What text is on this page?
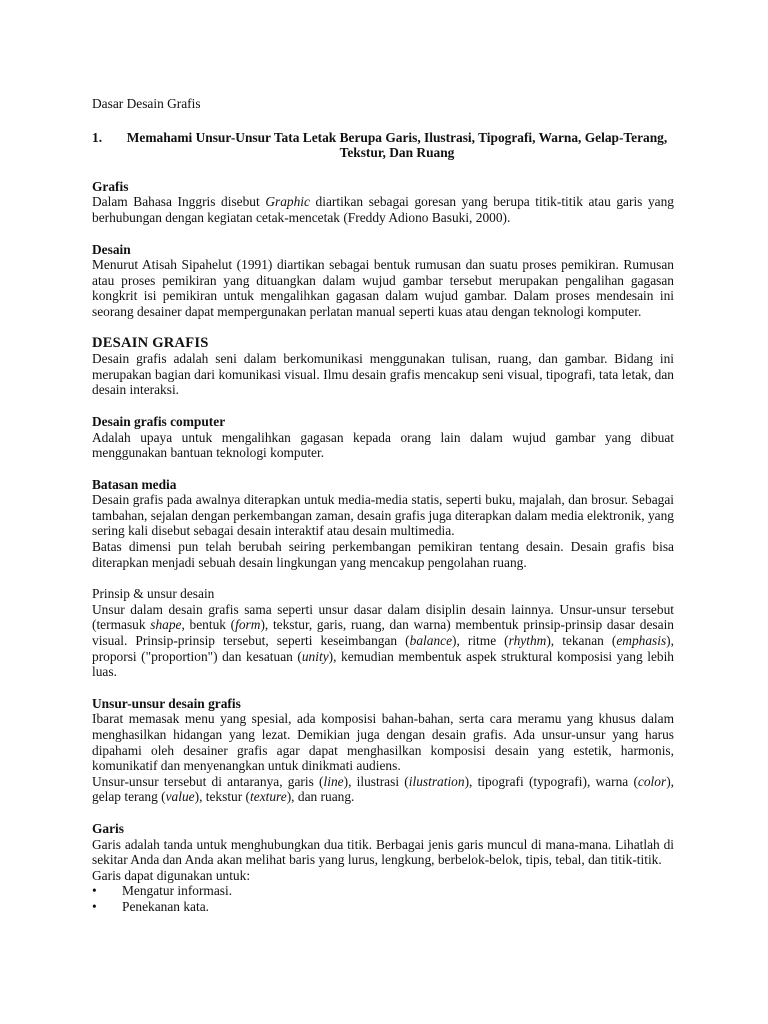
Dasar Desain Grafis

1.	Memahami Unsur-Unsur Tata Letak Berupa Garis, Ilustrasi, Tipografi, Warna, Gelap-Terang, Tekstur, Dan Ruang
Grafis

Dalam Bahasa Inggris disebut Graphic diartikan sebagai goresan yang berupa titik-titik atau garis yang berhubungan dengan kegiatan cetak-mencetak (Freddy Adiono Basuki, 2000).

Desain

Menurut Atisah Sipahelut (1991) diartikan sebagai bentuk rumusan dan suatu proses pemikiran. Rumusan atau proses pemikiran yang dituangkan dalam wujud gambar tersebut merupakan pengalihan gagasan kongkrit isi pemikiran untuk mengalihkan gagasan dalam wujud gambar. Dalam proses mendesain ini seorang desainer dapat mempergunakan perlatan manual seperti kuas atau dengan teknologi komputer.

DESAIN GRAFIS

Desain grafis adalah seni dalam berkomunikasi menggunakan tulisan, ruang, dan gambar. Bidang ini merupakan bagian dari komunikasi visual. Ilmu desain grafis mencakup seni visual, tipografi, tata letak, dan desain interaksi.

Desain grafis computer

Adalah upaya untuk mengalihkan gagasan kepada orang lain dalam wujud gambar yang dibuat menggunakan bantuan teknologi komputer.

Batasan media

Desain grafis pada awalnya diterapkan untuk media-media statis, seperti buku, majalah, dan brosur. Sebagai tambahan, sejalan dengan perkembangan zaman, desain grafis juga diterapkan dalam media elektronik, yang sering kali disebut sebagai desain interaktif atau desain multimedia.

Batas dimensi pun telah berubah seiring perkembangan pemikiran tentang desain. Desain grafis bisa diterapkan menjadi sebuah desain lingkungan yang mencakup pengolahan ruang.

Prinsip & unsur desain

Unsur dalam desain grafis sama seperti unsur dasar dalam disiplin desain lainnya. Unsur-unsur tersebut (termasuk shape, bentuk (form), tekstur, garis, ruang, dan warna) membentuk prinsip-prinsip dasar desain visual. Prinsip-prinsip tersebut, seperti keseimbangan (balance), ritme (rhythm), tekanan (emphasis), proporsi ("proportion") dan kesatuan (unity), kemudian membentuk aspek struktural komposisi yang lebih luas.

Unsur-unsur desain grafis

Ibarat memasak menu yang spesial, ada komposisi bahan-bahan, serta cara meramu yang khusus dalam menghasilkan hidangan yang lezat. Demikian juga dengan desain grafis. Ada unsur-unsur yang harus dipahami oleh desainer grafis agar dapat menghasilkan komposisi desain yang estetik, harmonis, komunikatif dan menyenangkan untuk dinikmati audiens.

Unsur-unsur tersebut di antaranya, garis (line), ilustrasi (ilustration), tipografi (typografi), warna (color), gelap terang (value), tekstur (texture), dan ruang.

Garis

Garis adalah tanda untuk menghubungkan dua titik. Berbagai jenis garis muncul di mana-mana. Lihatlah di sekitar Anda dan Anda akan melihat baris yang lurus, lengkung, berbelok-belok, tipis, tebal, dan titik-titik.

Garis dapat digunakan untuk:

•	Mengatur informasi.
•	Penekanan kata.
